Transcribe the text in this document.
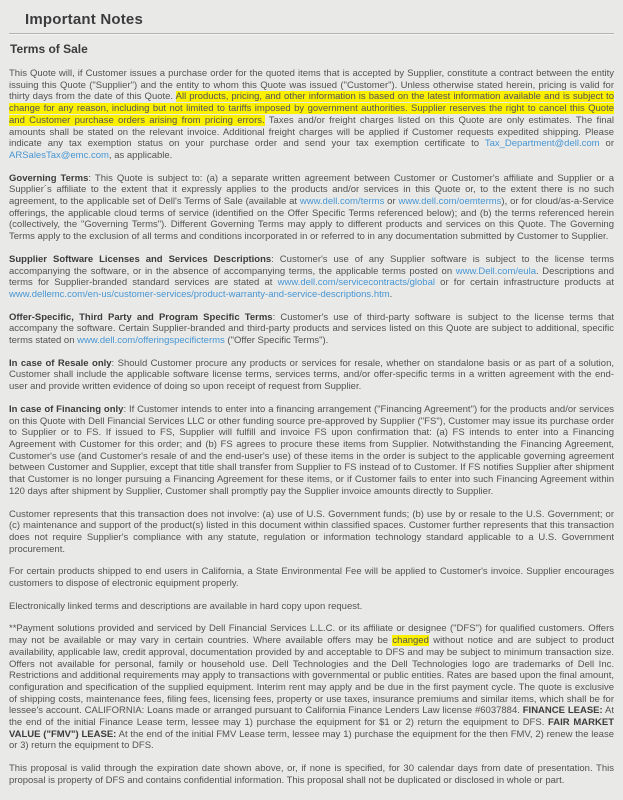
Important Notes
Terms of Sale

This Quote will, if Customer issues a purchase order for the quoted items that is accepted by Supplier, constitute a contract between the entity issuing this Quote ("Supplier") and the entity to whom this Quote was issued ("Customer"). Unless otherwise stated herein, pricing is valid for thirty days from the date of this Quote. All products, pricing, and other information is based on the latest information available and is subject to change for any reason, including but not limited to tariffs imposed by government authorities. Supplier reserves the right to cancel this Quote and Customer purchase orders arising from pricing errors. Taxes and/or freight charges listed on this Quote are only estimates. The final amounts shall be stated on the relevant invoice. Additional freight charges will be applied if Customer requests expedited shipping. Please indicate any tax exemption status on your purchase order and send your tax exemption certificate to Tax_Department@dell.com or ARSalesTax@emc.com, as applicable.

Governing Terms: This Quote is subject to: (a) a separate written agreement between Customer or Customer's affiliate and Supplier or a Supplier´s affiliate to the extent that it expressly applies to the products and/or services in this Quote or, to the extent there is no such agreement, to the applicable set of Dell's Terms of Sale (available at www.dell.com/terms or www.dell.com/oemterms), or for cloud/as-a-Service offerings, the applicable cloud terms of service (identified on the Offer Specific Terms referenced below); and (b) the terms referenced herein (collectively, the "Governing Terms"). Different Governing Terms may apply to different products and services on this Quote. The Governing Terms apply to the exclusion of all terms and conditions incorporated in or referred to in any documentation submitted by Customer to Supplier.

Supplier Software Licenses and Services Descriptions: Customer's use of any Supplier software is subject to the license terms accompanying the software, or in the absence of accompanying terms, the applicable terms posted on www.Dell.com/eula. Descriptions and terms for Supplier-branded standard services are stated at www.dell.com/servicecontracts/global or for certain infrastructure products at www.dellemc.com/en-us/customer-services/product-warranty-and-service-descriptions.htm.

Offer-Specific, Third Party and Program Specific Terms: Customer's use of third-party software is subject to the license terms that accompany the software. Certain Supplier-branded and third-party products and services listed on this Quote are subject to additional, specific terms stated on www.dell.com/offeringspecificterms ("Offer Specific Terms").

In case of Resale only: Should Customer procure any products or services for resale, whether on standalone basis or as part of a solution, Customer shall include the applicable software license terms, services terms, and/or offer-specific terms in a written agreement with the end-user and provide written evidence of doing so upon receipt of request from Supplier.

In case of Financing only: If Customer intends to enter into a financing arrangement ("Financing Agreement") for the products and/or services on this Quote with Dell Financial Services LLC or other funding source pre-approved by Supplier ("FS"), Customer may issue its purchase order to Supplier or to FS. If issued to FS, Supplier will fulfill and invoice FS upon confirmation that: (a) FS intends to enter into a Financing Agreement with Customer for this order; and (b) FS agrees to procure these items from Supplier. Notwithstanding the Financing Agreement, Customer's use (and Customer's resale of and the end-user's use) of these items in the order is subject to the applicable governing agreement between Customer and Supplier, except that title shall transfer from Supplier to FS instead of to Customer. If FS notifies Supplier after shipment that Customer is no longer pursuing a Financing Agreement for these items, or if Customer fails to enter into such Financing Agreement within 120 days after shipment by Supplier, Customer shall promptly pay the Supplier invoice amounts directly to Supplier.

Customer represents that this transaction does not involve: (a) use of U.S. Government funds; (b) use by or resale to the U.S. Government; or (c) maintenance and support of the product(s) listed in this document within classified spaces. Customer further represents that this transaction does not require Supplier's compliance with any statute, regulation or information technology standard applicable to a U.S. Government procurement.

For certain products shipped to end users in California, a State Environmental Fee will be applied to Customer's invoice. Supplier encourages customers to dispose of electronic equipment properly.

Electronically linked terms and descriptions are available in hard copy upon request.

**Payment solutions provided and serviced by Dell Financial Services L.L.C. or its affiliate or designee ("DFS") for qualified customers. Offers may not be available or may vary in certain countries. Where available offers may be changed without notice and are subject to product availability, applicable law, credit approval, documentation provided by and acceptable to DFS and may be subject to minimum transaction size. Offers not available for personal, family or household use. Dell Technologies and the Dell Technologies logo are trademarks of Dell Inc. Restrictions and additional requirements may apply to transactions with governmental or public entities. Rates are based upon the final amount, configuration and specification of the supplied equipment. Interim rent may apply and be due in the first payment cycle. The quote is exclusive of shipping costs, maintenance fees, filing fees, licensing fees, property or use taxes, insurance premiums and similar items, which shall be for lessee's account. CALIFORNIA: Loans made or arranged pursuant to California Finance Lenders Law license #6037884. FINANCE LEASE: At the end of the initial Finance Lease term, lessee may 1) purchase the equipment for $1 or 2) return the equipment to DFS. FAIR MARKET VALUE ("FMV") LEASE: At the end of the initial FMV Lease term, lessee may 1) purchase the equipment for the then FMV, 2) renew the lease or 3) return the equipment to DFS.

This proposal is valid through the expiration date shown above, or, if none is specified, for 30 calendar days from date of presentation. This proposal is property of DFS and contains confidential information. This proposal shall not be duplicated or disclosed in whole or part.
